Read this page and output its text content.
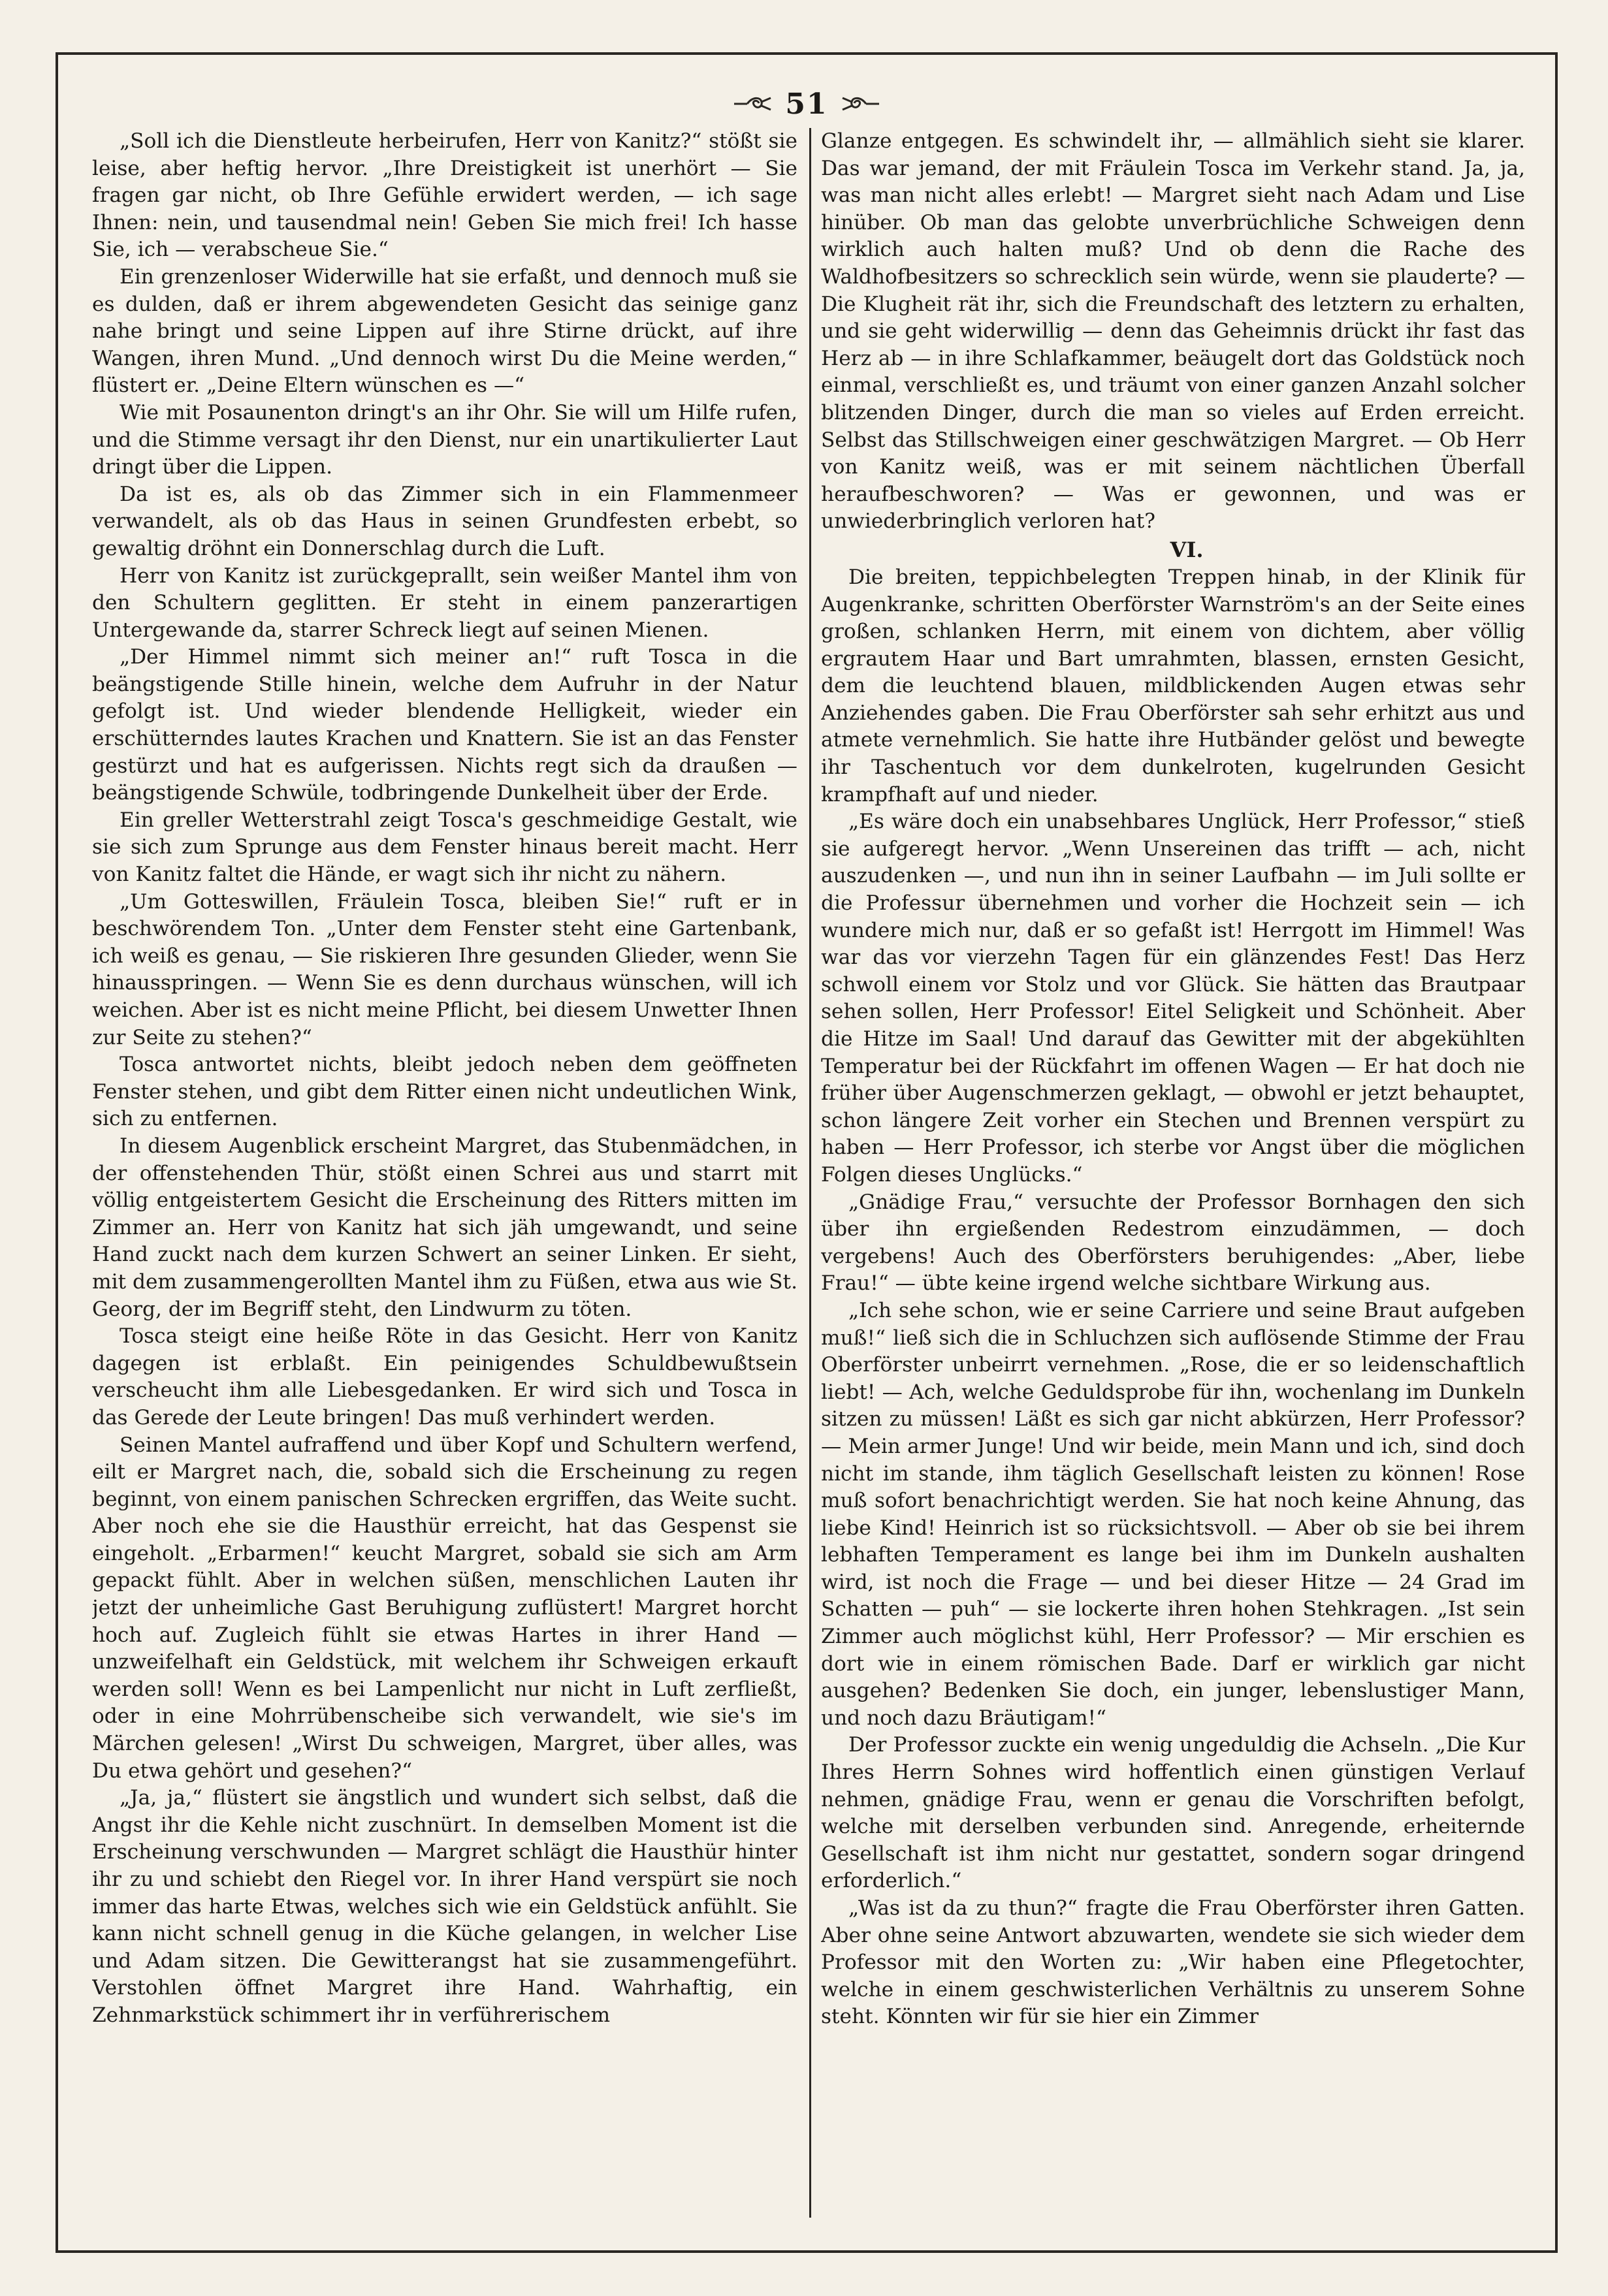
51

„Soll ich die Dienstleute herbeirufen, Herr von Kanitz?“ stößt sie leise, aber heftig hervor. „Ihre Dreistigkeit ist unerhört — Sie fragen gar nicht, ob Ihre Gefühle erwidert werden, — ich sage Ihnen: nein, und tausendmal nein! Geben Sie mich frei! Ich hasse Sie, ich — verabscheue Sie.“

Ein grenzenloser Widerwille hat sie erfaßt, und dennoch muß sie es dulden, daß er ihrem abgewendeten Gesicht das seinige ganz nahe bringt und seine Lippen auf ihre Stirne drückt, auf ihre Wangen, ihren Mund. „Und dennoch wirst Du die Meine werden,“ flüstert er. „Deine Eltern wünschen es —“

Wie mit Posaunenton dringt's an ihr Ohr. Sie will um Hilfe rufen, und die Stimme versagt ihr den Dienst, nur ein unartikulierter Laut dringt über die Lippen.

Da ist es, als ob das Zimmer sich in ein Flammenmeer verwandelt, als ob das Haus in seinen Grundfesten erbebt, so gewaltig dröhnt ein Donnerschlag durch die Luft.

Herr von Kanitz ist zurückgeprallt, sein weißer Mantel ihm von den Schultern geglitten. Er steht in einem panzerartigen Untergewande da, starrer Schreck liegt auf seinen Mienen.

„Der Himmel nimmt sich meiner an!“ ruft Tosca in die beängstigende Stille hinein, welche dem Aufruhr in der Natur gefolgt ist. Und wieder blendende Helligkeit, wieder ein erschütterndes lautes Krachen und Knattern. Sie ist an das Fenster gestürzt und hat es aufgerissen. Nichts regt sich da draußen — beängstigende Schwüle, todbringende Dunkelheit über der Erde.

Ein greller Wetterstrahl zeigt Tosca's geschmeidige Gestalt, wie sie sich zum Sprunge aus dem Fenster hinaus bereit macht. Herr von Kanitz faltet die Hände, er wagt sich ihr nicht zu nähern.

„Um Gotteswillen, Fräulein Tosca, bleiben Sie!“ ruft er in beschwörendem Ton. „Unter dem Fenster steht eine Gartenbank, ich weiß es genau, — Sie riskieren Ihre gesunden Glieder, wenn Sie hinausspringen. — Wenn Sie es denn durchaus wünschen, will ich weichen. Aber ist es nicht meine Pflicht, bei diesem Unwetter Ihnen zur Seite zu stehen?“

Tosca antwortet nichts, bleibt jedoch neben dem geöffneten Fenster stehen, und gibt dem Ritter einen nicht undeutlichen Wink, sich zu entfernen.

In diesem Augenblick erscheint Margret, das Stubenmädchen, in der offenstehenden Thür, stößt einen Schrei aus und starrt mit völlig entgeistertem Gesicht die Erscheinung des Ritters mitten im Zimmer an. Herr von Kanitz hat sich jäh umgewandt, und seine Hand zuckt nach dem kurzen Schwert an seiner Linken. Er sieht, mit dem zusammengerollten Mantel ihm zu Füßen, etwa aus wie St. Georg, der im Begriff steht, den Lindwurm zu töten.

Tosca steigt eine heiße Röte in das Gesicht. Herr von Kanitz dagegen ist erblaßt. Ein peinigendes Schuldbewußtsein verscheucht ihm alle Liebesgedanken. Er wird sich und Tosca in das Gerede der Leute bringen! Das muß verhindert werden.

Seinen Mantel aufraffend und über Kopf und Schultern werfend, eilt er Margret nach, die, sobald sich die Erscheinung zu regen beginnt, von einem panischen Schrecken ergriffen, das Weite sucht. Aber noch ehe sie die Hausthür erreicht, hat das Gespenst sie eingeholt. „Erbarmen!“ keucht Margret, sobald sie sich am Arm gepackt fühlt. Aber in welchen süßen, menschlichen Lauten ihr jetzt der unheimliche Gast Beruhigung zuflüstert! Margret horcht hoch auf. Zugleich fühlt sie etwas Hartes in ihrer Hand — unzweifelhaft ein Geldstück, mit welchem ihr Schweigen erkauft werden soll! Wenn es bei Lampenlicht nur nicht in Luft zerfließt, oder in eine Mohrrübenscheibe sich verwandelt, wie sie's im Märchen gelesen! „Wirst Du schweigen, Margret, über alles, was Du etwa gehört und gesehen?“

„Ja, ja,“ flüstert sie ängstlich und wundert sich selbst, daß die Angst ihr die Kehle nicht zuschnürt. In demselben Moment ist die Erscheinung verschwunden — Margret schlägt die Hausthür hinter ihr zu und schiebt den Riegel vor. In ihrer Hand verspürt sie noch immer das harte Etwas, welches sich wie ein Geldstück anfühlt. Sie kann nicht schnell genug in die Küche gelangen, in welcher Lise und Adam sitzen. Die Gewitterangst hat sie zusammengeführt. Verstohlen öffnet Margret ihre Hand. Wahrhaftig, ein Zehnmarkstück schimmert ihr in verführerischem

Glanze entgegen. Es schwindelt ihr, — allmählich sieht sie klarer. Das war jemand, der mit Fräulein Tosca im Verkehr stand. Ja, ja, was man nicht alles erlebt! — Margret sieht nach Adam und Lise hinüber. Ob man das gelobte unverbrüchliche Schweigen denn wirklich auch halten muß? Und ob denn die Rache des Waldhofbesitzers so schrecklich sein würde, wenn sie plauderte? — Die Klugheit rät ihr, sich die Freundschaft des letztern zu erhalten, und sie geht widerwillig — denn das Geheimnis drückt ihr fast das Herz ab — in ihre Schlafkammer, beäugelt dort das Goldstück noch einmal, verschließt es, und träumt von einer ganzen Anzahl solcher blitzenden Dinger, durch die man so vieles auf Erden erreicht. Selbst das Stillschweigen einer geschwätzigen Margret. — Ob Herr von Kanitz weiß, was er mit seinem nächtlichen Überfall heraufbeschworen? — Was er gewonnen, und was er unwiederbringlich verloren hat?

VI.

Die breiten, teppichbelegten Treppen hinab, in der Klinik für Augenkranke, schritten Oberförster Warnström's an der Seite eines großen, schlanken Herrn, mit einem von dichtem, aber völlig ergrautem Haar und Bart umrahmten, blassen, ernsten Gesicht, dem die leuchtend blauen, mildblickenden Augen etwas sehr Anziehendes gaben. Die Frau Oberförster sah sehr erhitzt aus und atmete vernehmlich. Sie hatte ihre Hutbänder gelöst und bewegte ihr Taschentuch vor dem dunkelroten, kugelrunden Gesicht krampfhaft auf und nieder.

„Es wäre doch ein unabsehbares Unglück, Herr Professor,“ stieß sie aufgeregt hervor. „Wenn Unsereinen das trifft — ach, nicht auszudenken —, und nun ihn in seiner Laufbahn — im Juli sollte er die Professur übernehmen und vorher die Hochzeit sein — ich wundere mich nur, daß er so gefaßt ist! Herrgott im Himmel! Was war das vor vierzehn Tagen für ein glänzendes Fest! Das Herz schwoll einem vor Stolz und vor Glück. Sie hätten das Brautpaar sehen sollen, Herr Professor! Eitel Seligkeit und Schönheit. Aber die Hitze im Saal! Und darauf das Gewitter mit der abgekühlten Temperatur bei der Rückfahrt im offenen Wagen — Er hat doch nie früher über Augenschmerzen geklagt, — obwohl er jetzt behauptet, schon längere Zeit vorher ein Stechen und Brennen verspürt zu haben — Herr Professor, ich sterbe vor Angst über die möglichen Folgen dieses Unglücks.“

„Gnädige Frau,“ versuchte der Professor Bornhagen den sich über ihn ergießenden Redestrom einzudämmen, — doch vergebens! Auch des Oberförsters beruhigendes: „Aber, liebe Frau!“ — übte keine irgend welche sichtbare Wirkung aus.

„Ich sehe schon, wie er seine Carriere und seine Braut aufgeben muß!“ ließ sich die in Schluchzen sich auflösende Stimme der Frau Oberförster unbeirrt vernehmen. „Rose, die er so leidenschaftlich liebt! — Ach, welche Geduldsprobe für ihn, wochenlang im Dunkeln sitzen zu müssen! Läßt es sich gar nicht abkürzen, Herr Professor? — Mein armer Junge! Und wir beide, mein Mann und ich, sind doch nicht im stande, ihm täglich Gesellschaft leisten zu können! Rose muß sofort benachrichtigt werden. Sie hat noch keine Ahnung, das liebe Kind! Heinrich ist so rücksichtsvoll. — Aber ob sie bei ihrem lebhaften Temperament es lange bei ihm im Dunkeln aushalten wird, ist noch die Frage — und bei dieser Hitze — 24 Grad im Schatten — puh“ — sie lockerte ihren hohen Stehkragen. „Ist sein Zimmer auch möglichst kühl, Herr Professor? — Mir erschien es dort wie in einem römischen Bade. Darf er wirklich gar nicht ausgehen? Bedenken Sie doch, ein junger, lebenslustiger Mann, und noch dazu Bräutigam!“

Der Professor zuckte ein wenig ungeduldig die Achseln. „Die Kur Ihres Herrn Sohnes wird hoffentlich einen günstigen Verlauf nehmen, gnädige Frau, wenn er genau die Vorschriften befolgt, welche mit derselben verbunden sind. Anregende, erheiternde Gesellschaft ist ihm nicht nur gestattet, sondern sogar dringend erforderlich.“

„Was ist da zu thun?“ fragte die Frau Oberförster ihren Gatten. Aber ohne seine Antwort abzuwarten, wendete sie sich wieder dem Professor mit den Worten zu: „Wir haben eine Pflegetochter, welche in einem geschwisterlichen Verhältnis zu unserem Sohne steht. Könnten wir für sie hier ein Zimmer
